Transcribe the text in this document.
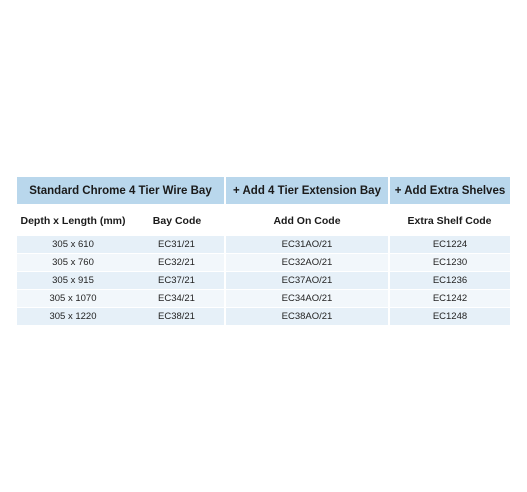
Standard Chrome 4 Tier Wire Bay		+ Add 4 Tier Extension Bay	+ Add Extra Shelves

Depth x Length (mm)	Bay Code	Add On Code	Extra Shelf Code
305 x 610	EC31/21	EC31AO/21	EC1224
305 x 760	EC32/21	EC32AO/21	EC1230
305 x 915	EC37/21	EC37AO/21	EC1236
305 x 1070	EC34/21	EC34AO/21	EC1242
305 x 1220	EC38/21	EC38AO/21	EC1248
